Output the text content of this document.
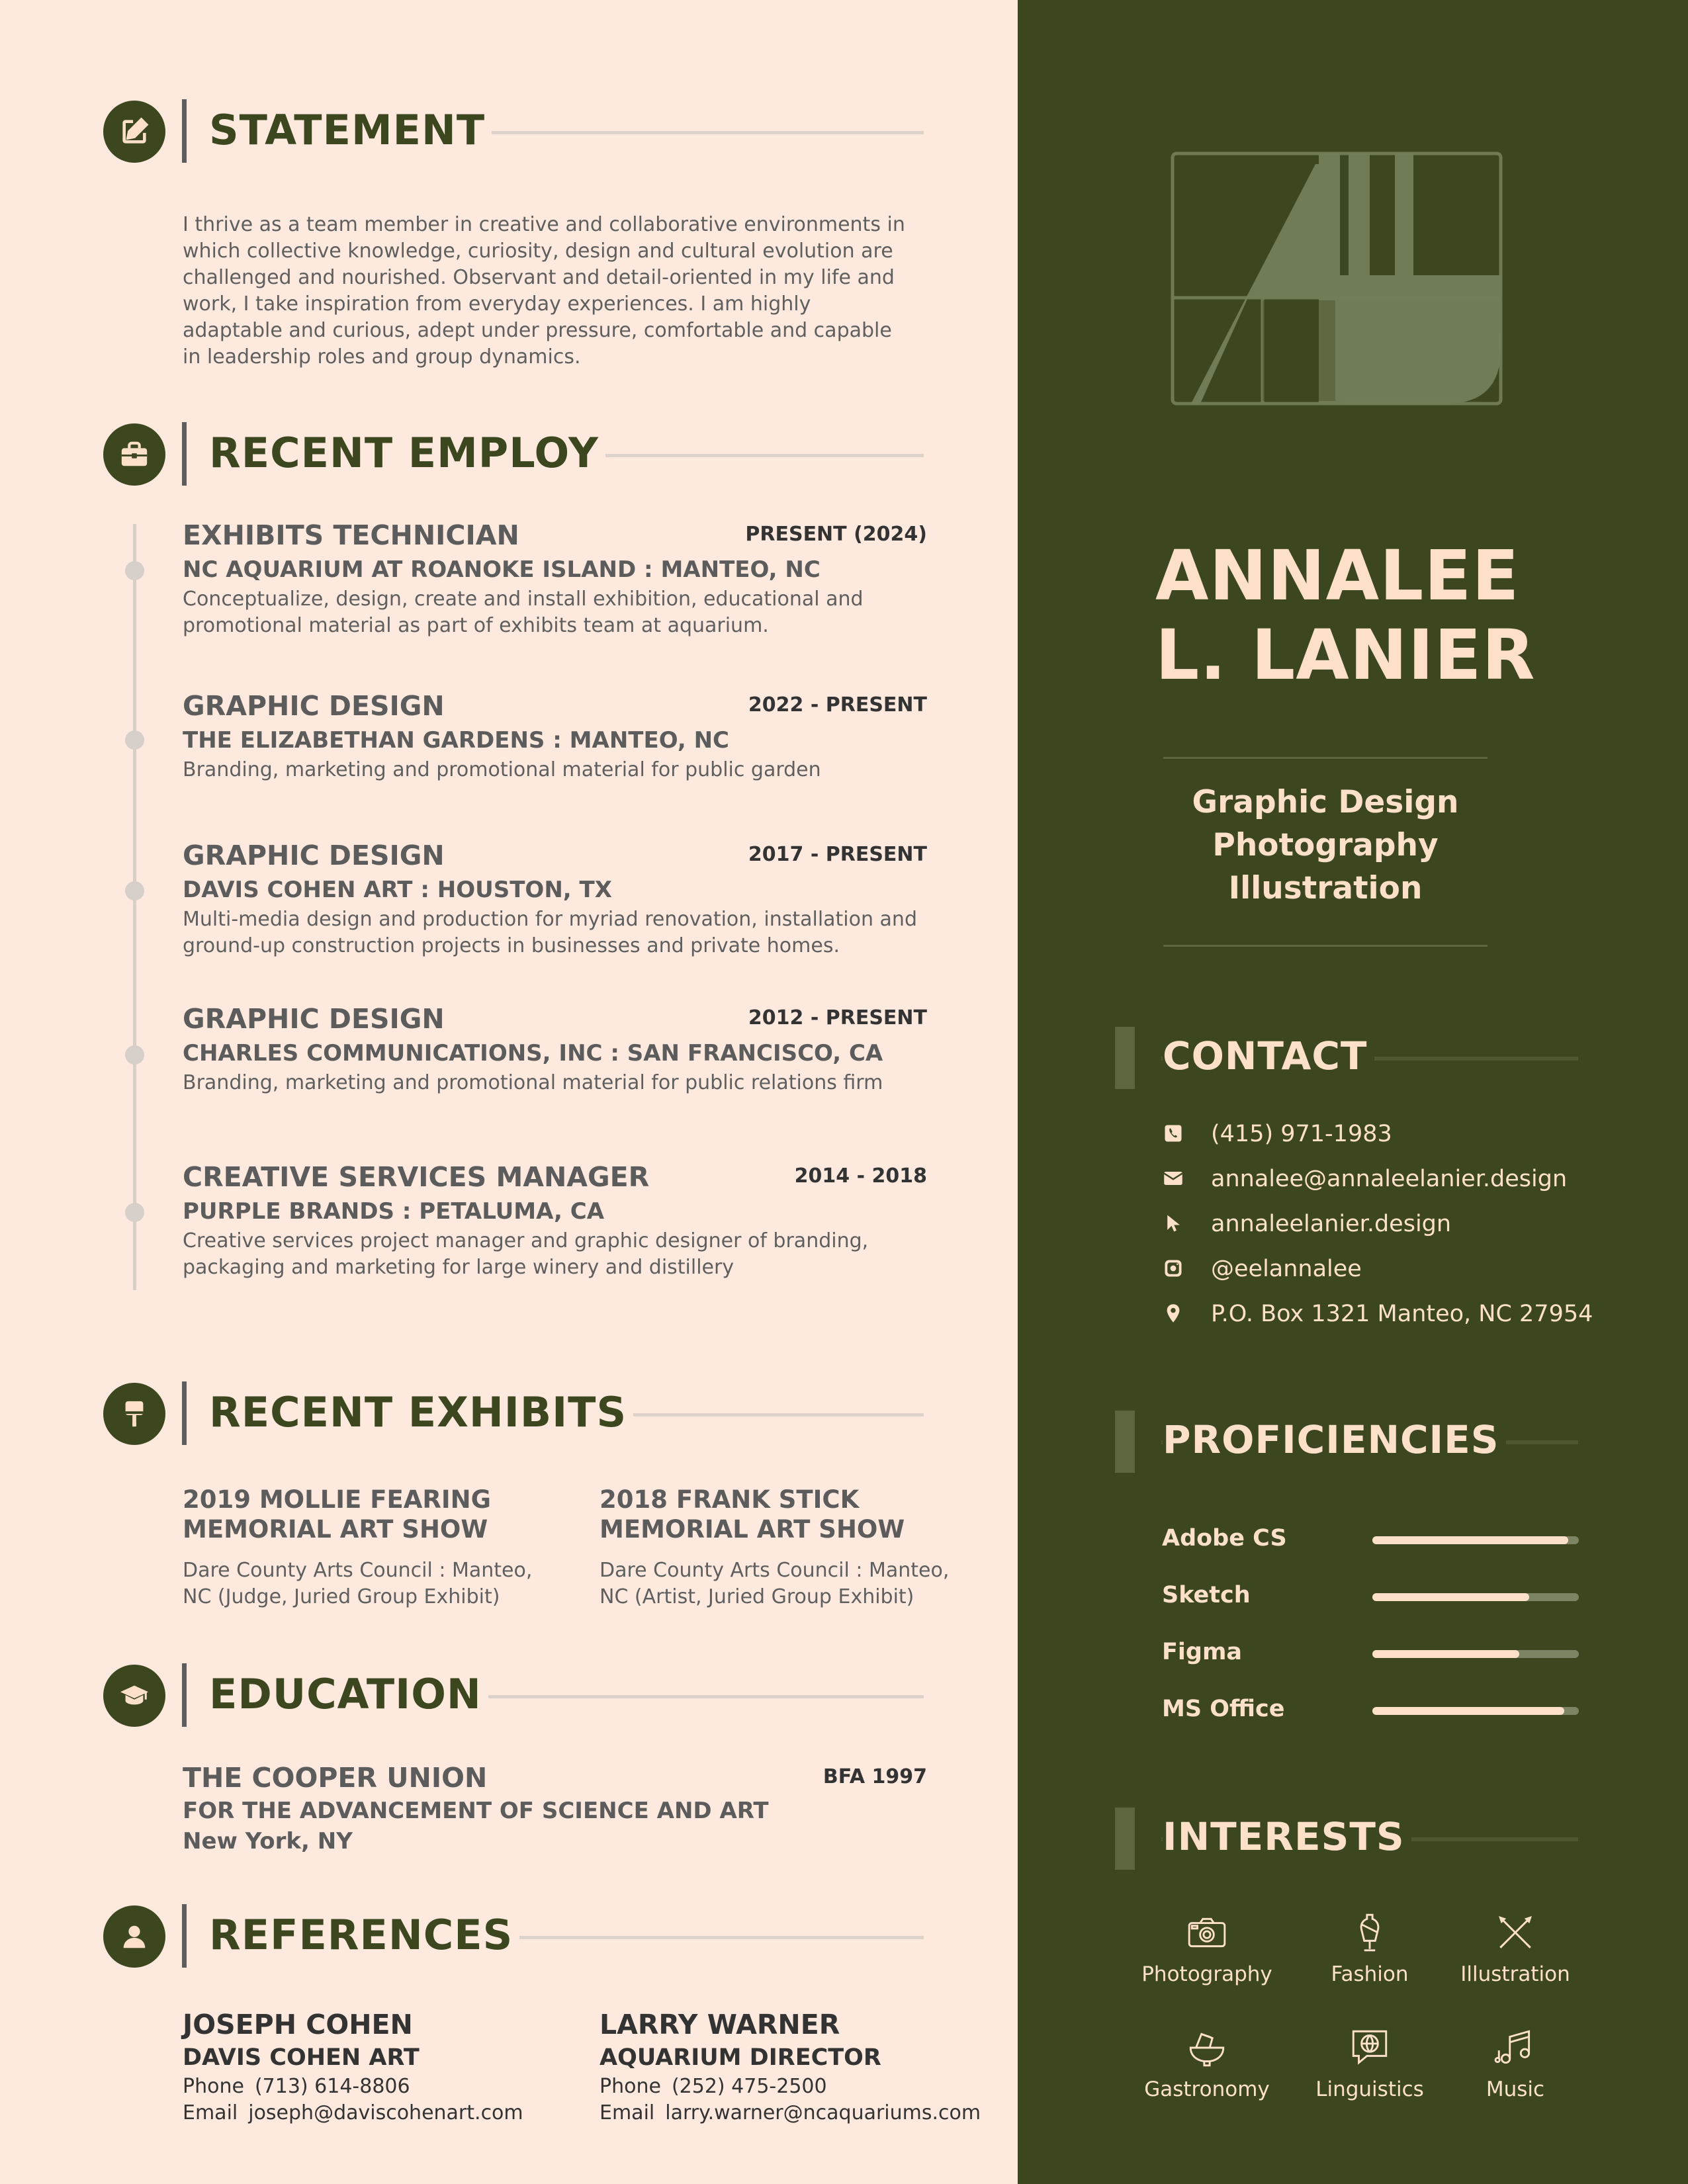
STATEMENT

I thrive as a team member in creative and collaborative environments in which collective knowledge, curiosity, design and cultural evolution are challenged and nourished. Observant and detail-oriented in my life and work, I take inspiration from everyday experiences. I am highly adaptable and curious, adept under pressure, comfortable and capable in leadership roles and group dynamics.

RECENT EMPLOY
EXHIBITS TECHNICIAN	PRESENT (2024)
NC AQUARIUM AT ROANOKE ISLAND : MANTEO, NC
Conceptualize, design, create and install exhibition, educational and promotional material as part of exhibits team at aquarium.
GRAPHIC DESIGN	2022 - PRESENT
THE ELIZABETHAN GARDENS : MANTEO, NC
Branding, marketing and promotional material for public garden
GRAPHIC DESIGN	2017 - PRESENT
DAVIS COHEN ART : HOUSTON, TX
Multi-media design and production for myriad renovation, installation and ground-up construction projects in businesses and private homes.
GRAPHIC DESIGN	2012 - PRESENT
CHARLES COMMUNICATIONS, INC : SAN FRANCISCO, CA
Branding, marketing and promotional material for public relations firm
CREATIVE SERVICES MANAGER	2014 - 2018
PURPLE BRANDS : PETALUMA, CA
Creative services project manager and graphic designer of branding, packaging and marketing for large winery and distillery
RECENT EXHIBITS
2019 MOLLIE FEARING MEMORIAL ART SHOW
Dare County Arts Council : Manteo, NC (Judge, Juried Group Exhibit)
2018 FRANK STICK MEMORIAL ART SHOW
Dare County Arts Council : Manteo, NC (Artist, Juried Group Exhibit)
EDUCATION
THE COOPER UNION	BFA 1997
FOR THE ADVANCEMENT OF SCIENCE AND ART
New York, NY
REFERENCES
JOSEPH COHEN
DAVIS COHEN ART
Phone (713) 614-8806
Email joseph@daviscohenart.com
LARRY WARNER
AQUARIUM DIRECTOR
Phone (252) 475-2500
Email larry.warner@ncaquariums.com
ANNALEE
L. LANIER
Graphic Design
Photography
Illustration
CONTACT
(415) 971-1983
annalee@annaleelanier.design
annaleelanier.design
@eelannalee
P.O. Box 1321 Manteo, NC 27954
PROFICIENCIES
Adobe CS
Sketch
Figma
MS Office
INTERESTS
Photography	Fashion	Illustration
Gastronomy	Linguistics	Music
